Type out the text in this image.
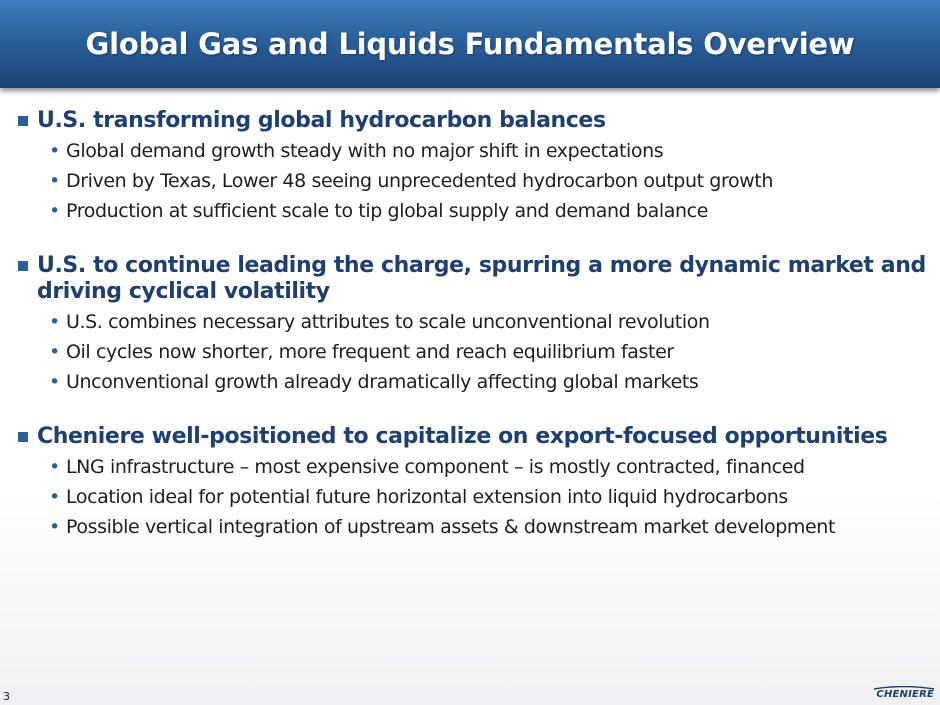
Global Gas and Liquids Fundamentals Overview
U.S. transforming global hydrocarbon balances
• Global demand growth steady with no major shift in expectations
• Driven by Texas, Lower 48 seeing unprecedented hydrocarbon output growth
• Production at sufficient scale to tip global supply and demand balance
U.S. to continue leading the charge, spurring a more dynamic market and driving cyclical volatility
• U.S. combines necessary attributes to scale unconventional revolution
• Oil cycles now shorter, more frequent and reach equilibrium faster
• Unconventional growth already dramatically affecting global markets
Cheniere well-positioned to capitalize on export-focused opportunities
• LNG infrastructure – most expensive component – is mostly contracted, financed
• Location ideal for potential future horizontal extension into liquid hydrocarbons
• Possible vertical integration of upstream assets & downstream market development
3	CHENIERE
